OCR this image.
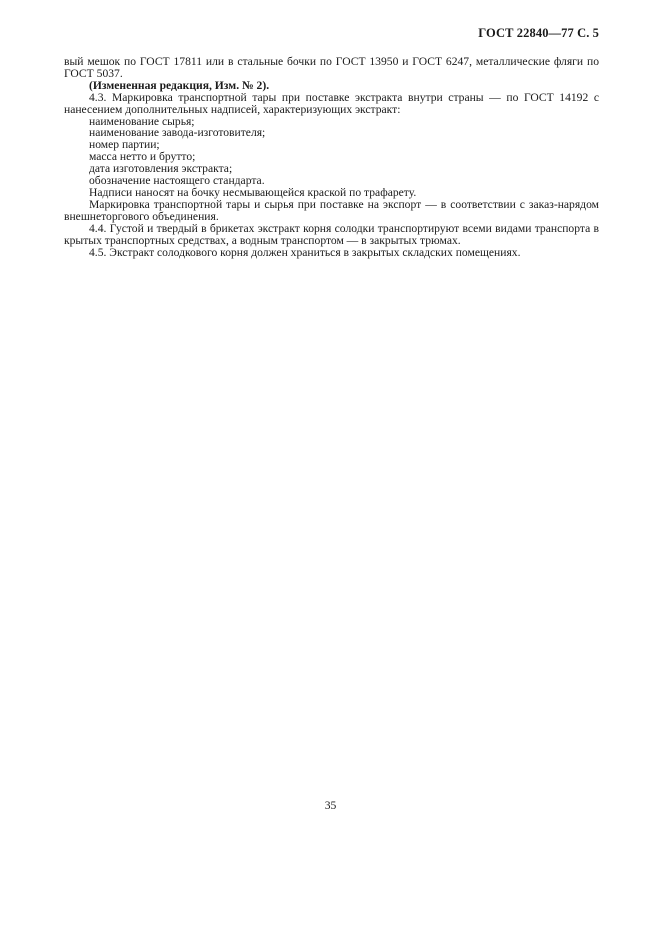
ГОСТ 22840—77 С. 5

вый мешок по ГОСТ 17811 или в стальные бочки по ГОСТ 13950 и ГОСТ 6247, металлические фляги по ГОСТ 5037.

(Измененная редакция, Изм. № 2).

4.3. Маркировка транспортной тары при поставке экстракта внутри страны — по ГОСТ 14192 с нанесением дополнительных надписей, характеризующих экстракт:

наименование сырья;

наименование завода-изготовителя;

номер партии;

масса нетто и брутто;

дата изготовления экстракта;

обозначение настоящего стандарта.

Надписи наносят на бочку несмывающейся краской по трафарету.

Маркировка транспортной тары и сырья при поставке на экспорт — в соответствии с заказ-нарядом внешнеторгового объединения.

4.4. Густой и твердый в брикетах экстракт корня солодки транспортируют всеми видами транспорта в крытых транспортных средствах, а водным транспортом — в закрытых трюмах.

4.5. Экстракт солодкового корня должен храниться в закрытых складских помещениях.

35
